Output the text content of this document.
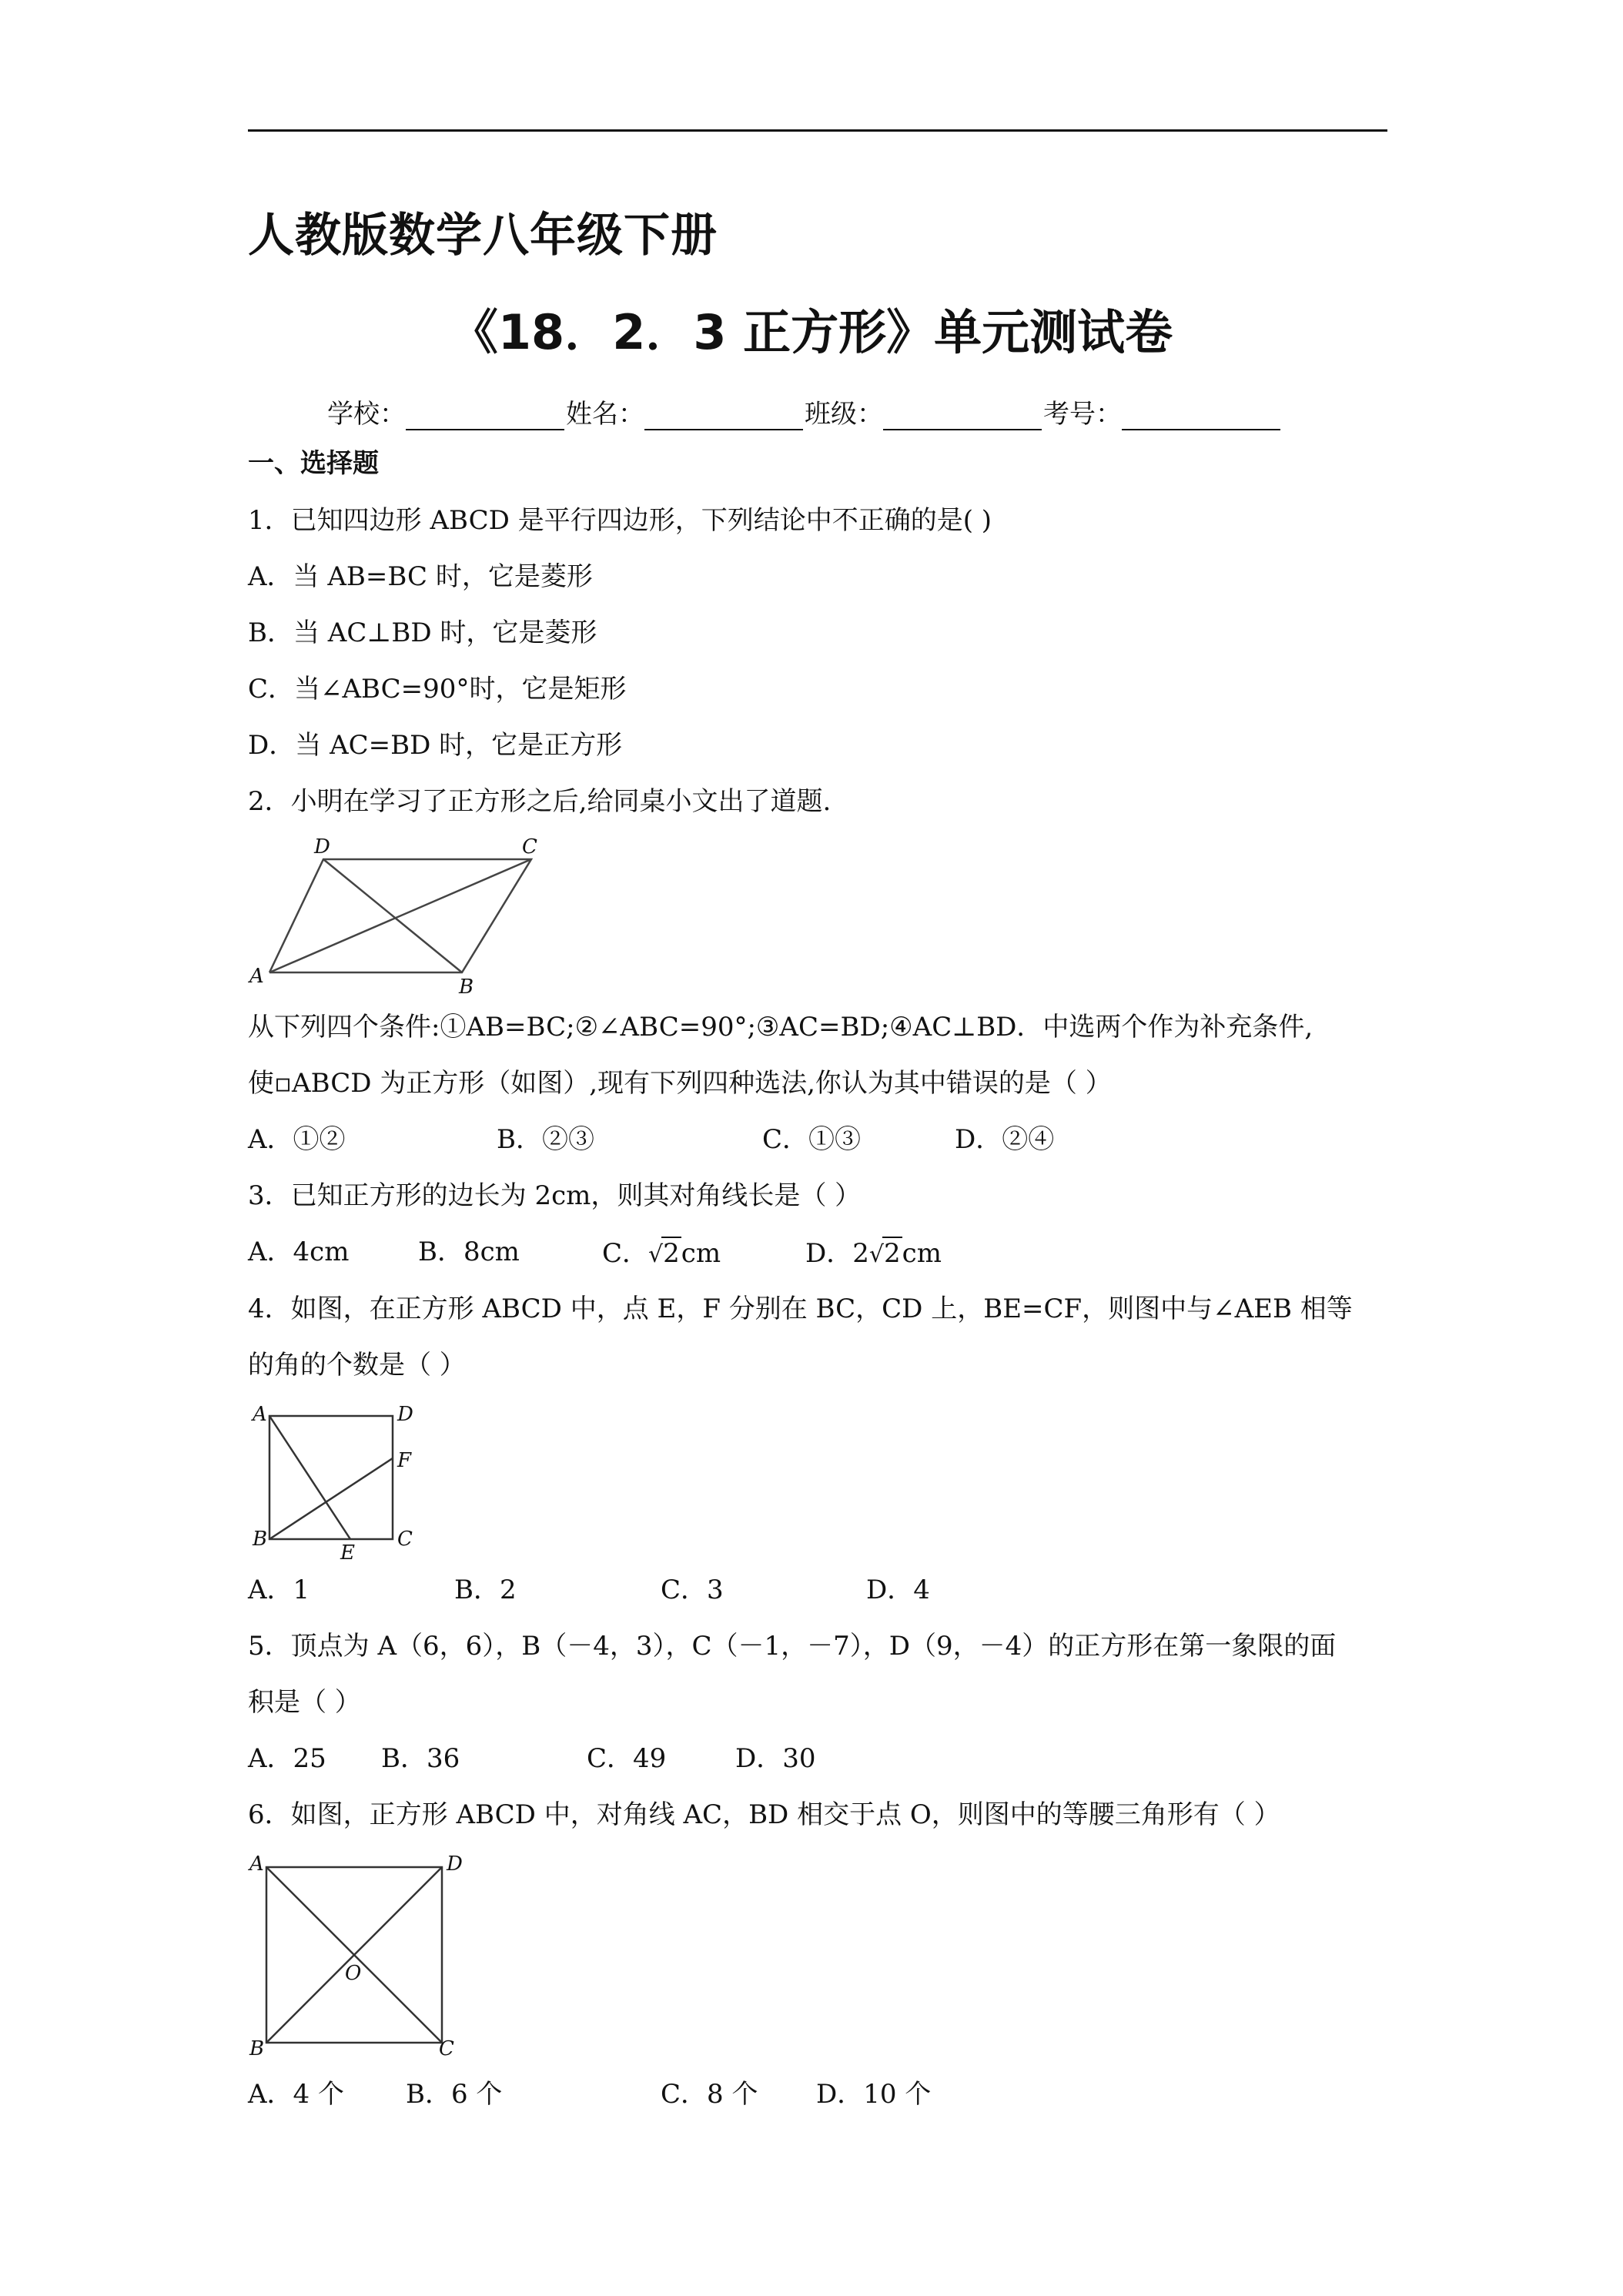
人教版数学八年级下册
《18．2．3 正方形》单元测试卷
学校：	姓名：	班级：	考号：
一、选择题
1．已知四边形 ABCD 是平行四边形，下列结论中不正确的是( )
A．当 AB=BC 时，它是菱形
B．当 AC⊥BD 时，它是菱形
C．当∠ABC=90°时，它是矩形
D．当 AC=BD 时，它是正方形
2．小明在学习了正方形之后,给同桌小文出了道题.
D	C
A	B
从下列四个条件:①AB=BC;②∠ABC=90°;③AC=BD;④AC⊥BD．中选两个作为补充条件,
使▫ABCD 为正方形（如图）,现有下列四种选法,你认为其中错误的是（ ）
A．①②	B．②③	C．①③	D．②④
3．已知正方形的边长为 2cm，则其对角线长是（ ）
A．4cm	B．8cm	C．√2cm	D．2√2cm
4．如图，在正方形 ABCD 中，点 E，F 分别在 BC，CD 上，BE=CF，则图中与∠AEB 相等
的角的个数是（ ）
A	D
F
B	C
E
A．1	B．2	C．3	D．4
5．顶点为 A（6，6），B（－4，3），C（－1，－7），D（9，－4）的正方形在第一象限的面
积是（ ）
A．25 B．36	C．49	D．30
6．如图，正方形 ABCD 中，对角线 AC，BD 相交于点 O，则图中的等腰三角形有（ ）
A	D
O
B	C
A．4 个 B．6 个	C．8 个 D．10 个
